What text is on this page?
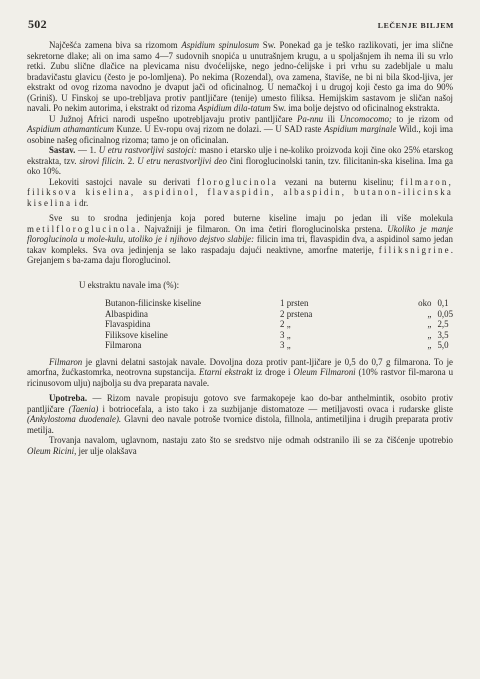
502	LEČENJE BILJEM

Najčešća zamena biva sa rizomom Aspidium spinulosum Sw. Ponekad ga je teško razlikovati, jer ima slične sekretorne dlake; ali on ima samo 4—7 sudovnih snopića u unutrašnjem krugu, a u spoljašnjem ih nema ili su vrlo retki. Zubu slične dlačice na plevicama nisu dvoćelijske, nego jedno-ćelijske i pri vrhu su zadebljale u malu bradavičastu glavicu (često je po-lomljena). Po nekima (Rozendal), ova zamena, štaviše, ne bi ni bila škod-ljiva, jer ekstrakt od ovog rizoma navodno je dvaput jači od oficinalnog. U nemačkoj i u drugoj koji često ga ima do 90% (Griniš). U Finskoj se upo-trebljava protiv pantljičare (tenije) umesto filiksa. Hemijskim sastavom je sličan našoj navali. Po nekim autorima, i ekstrakt od rizoma Aspidium dila-tatum Sw. ima bolje dejstvo od oficinalnog ekstrakta.

U Južnoj Africi narodi uspešno upotrebljavaju protiv pantljičare Pa-nnu ili Uncomocomo; to je rizom od Aspidium athamanticum Kunze. U Ev-ropu ovaj rizom ne dolazi. — U SAD raste Aspidium marginale Wild., koji ima osobine našeg oficinalnog rizoma; tamo je on oficinalan.

Sastav. — 1. U etru rastvorljivi sastojci: masno i etarsko ulje i ne-koliko proizvoda koji čine oko 25% etarskog ekstrakta, tzv. sirovi filicin. 2. U etru nerastvorljivi deo čini floroglucinolski tanin, tzv. filicitanin-ska kiselina. Ima ga oko 10%.

Lekoviti sastojci navale su derivati floroglucinola vezani na buternu kiselinu; filmaron, filiksova kiselina, aspidinol, flavaspidin, albaspidin, butanon-ilicinska kiselina i dr.

Sve su to srodna jedinjenja koja pored buterne kiseline imaju po jedan ili više molekula metilfloroglucinola. Najvažniji je filmaron. On ima četiri floroglucinolska prstena. Ukoliko je manje floroglucinola u mole-kulu, utoliko je i njihovo dejstvo slabije: filicin ima tri, flavaspidin dva, a aspidinol samo jedan takav kompleks. Sva ova jedinjenja se lako raspadaju dajući neaktivne, amorfne materije, filiksnigrine. Grejanjem s ba-zama daju floroglucinol.

U ekstraktu navale ima (%):
Butanon-filicinske kiseline	1 prsten	oko	0,1
Albaspidina	2 prstena	„	0,05
Flavaspidina	2 „	„	2,5
Filiksove kiseline	3 „	„	3,5
Filmarona	3 „	„	5,0

Filmaron je glavni delatni sastojak navale. Dovoljna doza protiv pant-ljičare je 0,5 do 0,7 g filmarona. To je amorfna, žućkastomrka, neotrovna supstancija. Etarni ekstrakt iz droge i Oleum Filmaroni (10% rastvor fil-marona u ricinusovom ulju) najbolja su dva preparata navale.

Upotreba. — Rizom navale propisuju gotovo sve farmakopeje kao do-bar anthelmintik, osobito protiv pantljičare (Taenia) i botriocefala, a isto tako i za suzbijanje distomatoze — metiljavosti ovaca i rudarske gliste (Ankylostoma duodenale). Glavni deo navale potroše tvornice distola, fillnola, antimetiljina i drugih preparata protiv metilja.

Trovanja navalom, uglavnom, nastaju zato što se sredstvo nije odmah odstranilo ili se za čišćenje upotrebio Oleum Ricini, jer ulje olakšava
